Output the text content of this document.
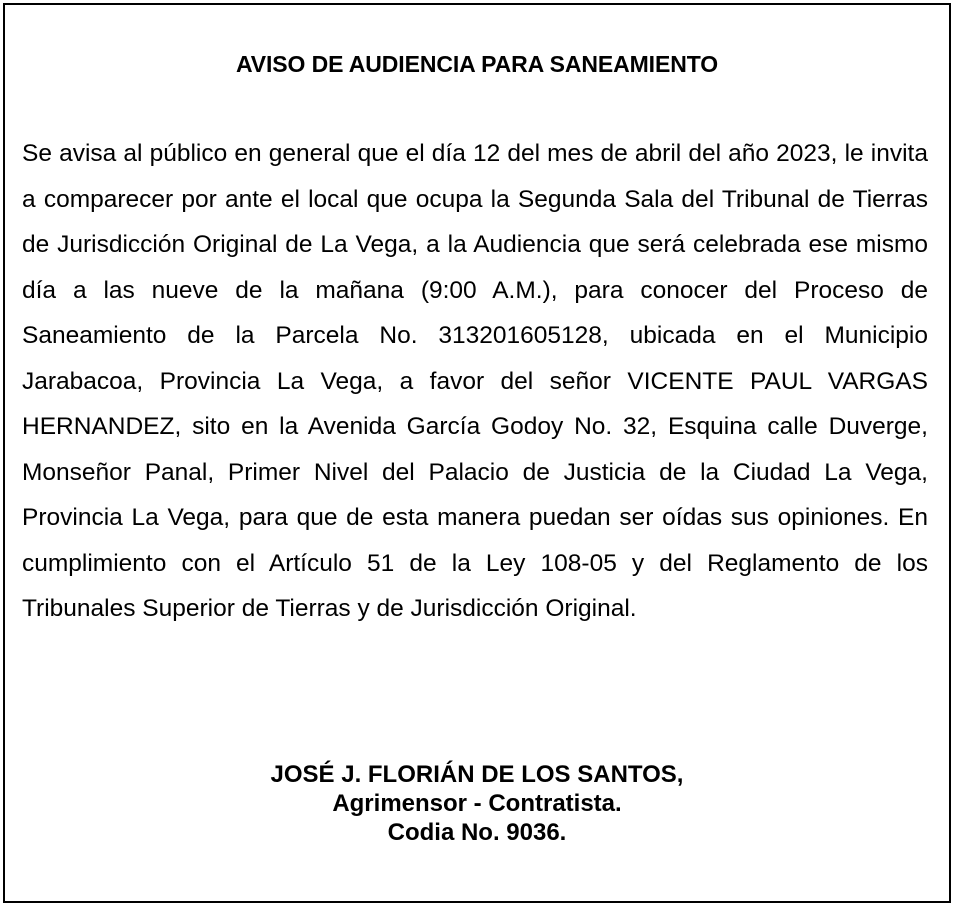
AVISO DE AUDIENCIA PARA SANEAMIENTO

Se avisa al público en general que el día 12 del mes de abril del año 2023, le invita a comparecer por ante el local que ocupa la Segunda Sala del Tribunal de Tierras de Jurisdicción Original de La Vega, a la Audiencia que será celebrada ese mismo día a las nueve de la mañana (9:00 A.M.), para conocer del Proceso de Saneamiento de la Parcela No. 313201605128, ubicada en el Municipio Jarabacoa, Provincia La Vega, a favor del señor VICENTE PAUL VARGAS HERNANDEZ, sito en la Avenida García Godoy No. 32, Esquina calle Duverge, Monseñor Panal, Primer Nivel del Palacio de Justicia de la Ciudad La Vega, Provincia La Vega, para que de esta manera puedan ser oídas sus opiniones. En cumplimiento con el Artículo 51 de la Ley 108-05 y del Reglamento de los Tribunales Superior de Tierras y de Jurisdicción Original.

JOSÉ J. FLORIÁN DE LOS SANTOS,
Agrimensor - Contratista.
Codia No. 9036.
